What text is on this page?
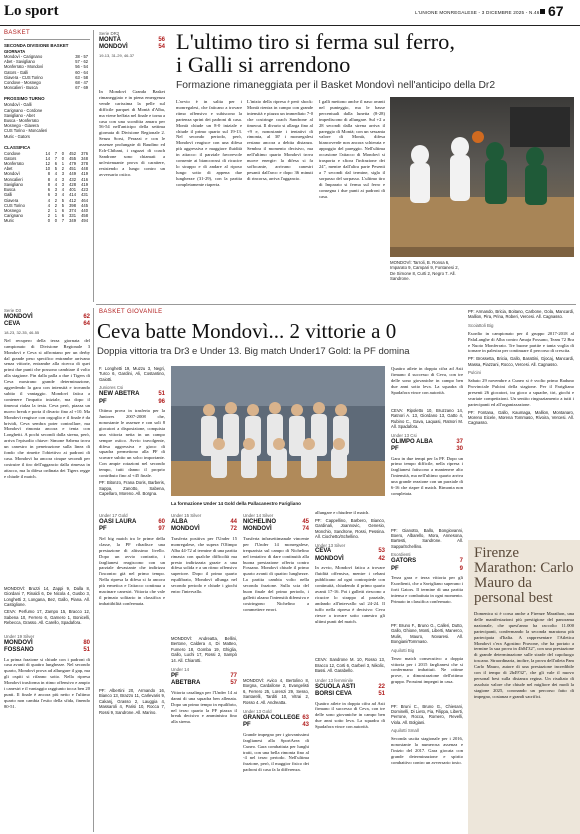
Lo sport	L'UNIONE MONREGALESE - 3 DICEMBRE 2025 - N.46 67
BASKET
SECONDA DIVISIONE BASKET
GIORNATA
Mondovì - Carignano	38 - 57
Abet - Savigliano	57 - 62
Monferrato - Mondovì	56 - 54
Gators - Galli	60 - 64
Giavera - CUS Torino	63 - 58
Condove - Mosnego	68 - 47
Moncalieri - Busca	67 - 69
PROSSIMO TURNO
Mondovì - Galli
Carignano - Cordone
Savigliano - Abet
Busca - Monferrato
Mosnego - Giavera
CUS Torino - Moncalieri
Muric - Gators
CLASSIFICA
Condove	14	7	0	452	376
Gators	14	7	0	455	348
Monferrato	12	6	1	479	378
Abet	10	5	2	451	448
Mondovì	8	4	3	449	419
Moncalieri	8	4	3	432	416
Savigliano	8	4	3	428	419
Busca	6	3	4	401	423
Galli	6	3	4	414	431
Giavera	4	2	5	412	464
CUS Torino	4	2	5	398	445
Mosnego	2	1	6	374	440
Carignano	2	1	6	331	458
Muric	0	0	7	349	494
Serie DR2
MONTÀ	56
MONDOVÌ	54
19-13, 31-29, 46-37
L'ultimo tiro si ferma sul ferro,
i Galli si arrendono
Formazione rimaneggiata per il Basket Mondovì nell'anticipo della Dr2
In Mondovì Granda Basket rimaneggiato e in piena emergenza vende carissima la pelle sul difficile parquet di Montà d'Alba, ma viene beffata nel finale e torna a casa con una sconfitta amara per 56-54 nell'anticipo della settima giornata di Divisione Regionale 2. Senza Sorsi, Perazzi e con le assenze prolungate di Baudino ed Ech-Chibani, i ragazzi di coach Sandrone sono chiamati a un'estenuante prova di carattere, resistendo a lungo contro un avversario ostico.
L'avvio è in salita per i monregalesi, che faticano a trovare ritmo offensivo e subiscono la partenza sprint dei padroni di casa. Montà chiude un 8-0 iniziale e chiude il primo quarto sul 19-13. Nel secondo periodo, però, Mondovì reagisce con una difesa più aggressiva e maggiore fluidità in attacco: il parziale favorevole consente ai biancorossi di ricucire lo strappo e di andare al riposo lungo sotto di appena due lunghezze (31-29), con la partita completamente riaperta.
L'inizio della ripresa è però shock: Montà rientra in campo con grande intensità e piazza un immediato 7-0 che costringe coach Sandrone al timeout. Il divario si allarga fino al +9 e, nonostante i tentativi di rimonta, al 30' i monregalesi restano ancora a debita distanza. Sembra il momento decisivo, ma nell'ultimo quarto Mondovì trova nuove energie: la difesa si fa soffocante, arrivano canestri pesanti dall'arco e dopo 36 minuti di rincorsa, arriva l'aggancio.
I galli mettono anche il naso avanti nel punteggio, ma le basse percentuali dalla lunetta (8-28) impediscono di allungare. Sul +2 a 28 secondi dalla sirena arriva il pareggio di Montà; con un sessanta valore di Montà, difesa biancoverde non ancora schierata e appoggio del pareggio. Nell'ultima occasione l'attacco di Mondovì si trasporta e sfiora l'infrazione dei 24", mentre dall'altra parte Pesenti a 7 secondi dal termine, sigla il sorpasso del sorpasso. L'ultimo tiro di Imparato si ferma sul ferro e consegna i due punti ai padroni di casa.
MONDOVÌ: Tarroli, B. Ronsa 6, Imparato 9, Campari 9, Fontanesi 2, De Simone 8, Curti 2, Negro 7. All. Sandrone.
BASKET GIOVANILE
Ceva batte Mondovì... 2 vittorie a 0
Doppia vittoria tra Dr3 e Under 13. Big match Under17 Gold: la PF domina
Serie D3
MONDOVÌ	62
CEVA	64
18-23, 32-35, 46-55
Nel recupero della terza giornata del campionato di Divisione Regionale 3 Mondovì e Ceva si affrontano per un derby dal grande peso specifico entrambe arrivano senza vittorie, entrambe alla ricerca di quei primi due punti che possono cambiare il volto alla stagione. Fin dalla palla a due i Tigers di Ceva mostrano grande determinazione, aggredendo la gara con intensità e trovando subito il vantaggio. Mondovì fatica a contenere l'impatto iniziale, ma dopo il timeout rialza la testa. Ceva però, piazza un nuovo break e porta il divario fino al +10. Ma Mondovì reagisce con orgoglio e il finale è da brividi, Ceva sembra poter controllare, ma Mondovì rimonta ancora e tenta con Longhetti. A pochi secondi dalla sirena, però, arriva l'episodio chiave: Simone Sabena trova un canestro in penetrazione sulla linea di fondo che rimette l'obiettivo ai padroni di casa. Mondovì ha ancora cinque secondi per costruire il tiro dell'aggancio dalla rimessa in attacco, ma la difesa ordinata dei Tigers regge e chiude il match.
MONDOVÌ: Bruzzi 14, Zappi 9, Dalla 8, Giordani 7, Rinaldi 6, De Nicola 4, Gusbo 3, Longhetti 2, Longana, Bez, Gallo, Piana. All. Castiglione.
CEVA: Perfumo 17, Zampo 15, Bracco 12, Sabena 10, Ferrero 6, Garnero 1, Bonicelli, Rebecca, Grasso. All. Carello, Spadafora.
Under 19 Silver
MONDOVÌ	80
FOSSANO	51
La prima frazione si chiude con i padroni di casa avanti di quattro lunghezze. Nel secondo quarto, Mondovì prova ad allungare il gap, ma gli ospiti si rifanno sotto. Nella ripresa Mondovì trasforma in ritmo offensivo e ampio i canestri e il vantaggio raggiunto tocca ben 20 punti. Il finale è ancora più netto e l'ultimo quarto non cambia l'esito della sfida, finendo 80-51.
F. Longhetti 19, Muzzu 3, Negri, Turco 6, Gardini, Ali, Costantino, Gaiotti.
Juniores Csi
NEW ABETRA	51
PF	96
Ottima prova in trasferta per la Juniores 2007-2008 che, nonostante le assenze e con soli 8 giocatori a disposizione, conquista una vittoria netta in un campo sempre ostico. Avvio travolgente, difesa aggressiva e gioco di squadra permettono alla PF di scavare subito un solco importante. Con ampie rotazioni nel secondo tempo, tutti danno il proprio contributo fino al +45 finale.
PF: Bitonzo, Frana Doris, Barberis, Sappa, Zanotto, Sabena, Capellaro, Moreno. All. Borgna.
La formazione Under 14 Gold della Pallacanestro Farigliano
Under 17 Gold
OASI LAURA	60
PF	97
Nel big match tra le prime della classe, la PF ribadisce una prestazione di altissimo livello. Dopo un avvio contratto, i farglianesi reagiscono con un parziale devastante che indirizza l'incontro già nel primo tempo. Nella ripresa la difesa si fa ancora più ermetica e l'attacco continua a macinare canestri. Vittoria che vale il primato solitario in classifica e imbattibilità confermata.
PF: Albertini 20, Armando 16, Bianco 13, Brazzo 11, Carlevaris 9, Cakanj, Grasso 2, Lauggia 4, Massaroli 4, Parisi 10, Rocca 7, Rossi 9, Sandrone. All. Marino.
Under 15 Silver
ALBA	44
MONDOVÌ	72
Trasferta positiva per l'Under 15 monregalese, che supera l'Olimpo Alba 44-72 al termine di una partita rimasta con qualche difficoltà ma presto indirizzata grazie a una difesa solida e a un ritmo offensivo superiore. Dopo il primo quarto equilibrato, Mondovì allunga nel secondo periodo e chiude i giochi entro l'intervallo.
MONDOVÌ: Andreatta, Bellini, Bertone, Caldera 4, Di Matteo, Fumero 18, Gomba 19, Ghiglia, Gallo, Luchi 17, Rossi 2, Sampò 14. All. Chiarotti.
Under 14
PF	77
ABETBRA	57
Vittoria casalinga per l'Under 14 ai danni di una squadra ben allenata. Dopo un primo tempo in equilibrio, nel terzo quarto la PF piazza il break decisivo e amministra fino alla sirena.
Under 14 Silver
NICHELINO	45
MONDOVÌ	74
Trasferta infrasettimanale vincente per l'Under 14 monregalese, trequarista sul campo di Nichelino nel tentativo di dare continuità alla buona prestazione offerta contro Fossano. Mondovì chiude il primo quarto avanti di quattro lunghezze. La partita cambia volto nella seconda frazione. Sulla scia del buon finale del primo periodo, i galletti alzano l'intensità difensiva e costringono Nichelino a commettere errori.
MONDOVÌ: Avico 4, Bertolino 8, Borgna, Cardallone 2, Evangelisti 6, Ferrero 25, Lorenzi 29, Sesso, Santarelli, Tarditi 10, Vitrai 2, Rosso 4. All. Andreatta.
Under 13 Gold
GRANDA COLLEGE 63
PF	43
Grande impegno per i giovanissimi farglianesi alla SportArea di Cuneo. Gara combattuta per lunghi tratti, con una bella rimonta fino al -4 nel terzo periodo. Nell'ultima frazione, però, il maggior fisico dei padroni di casa fa la differenza.
allungare e chiudere il match.
PF: Cappellino, Barbero, Bianco, Gardinali, Joannovic, Genesio, Monchio, Sandrone, Rossi, Pessina. All. Ciochetto/Schellino.
Under 13 Silver
CEVA	53
MONDOVÌ	42
In avvio, Mondovì fatica a trovare fluidità offensiva, mentre i cebani pubblicano ad ogni contropiede con continuità, chiudendo il primo quarto avanti 17-16. Poi i galletti riescono a ricucire lo strappo al parziale, andando all'intervallo sul 24-24. Il tuffo nella ripresa è decisivo: Ceva riesce a trovare sotto canestro gli ultimi punti del match.
CEVA: Sandrone M. 10, Rosso 13, Bracco 12, Corti 6, Garberi 3, Nikolic, Bassi. All. Garabello.
Under 13 femminile
SCUOLA ASTI	22
BORSI CEVA	51
Quattro atlete in doppia cifra ad Asti firmano il successo di Ceva, con tre delle sono giovaniche in campo ben due anni sotto leva. La squadra di Spadafora vince con autorità.
Quattro atlete in doppia cifra ad Asti firmano il successo di Ceva, con tre delle sono giovaniche in campo ben due anni sotto leva. La squadra di Spadafora vince con autorità.
CEVA: Ripoletto 10, Bruzzano 14, Ratnori A. 13, Giordano 13, Gatto 4, Rubino C., Gava, Laquasi, Ratnori M. All. Spadafora.
Under 13 Csi
OLIMPO ALBA	37
PF	30
Gara in due tempi per la PF. Dopo un primo tempo difficile, nella ripresa i farglianesi fatiscono a mantenere alto l'intensità, ma nell'ultimo quarto arriva una grande reazione con un parziale di 6-16 che riapre il match. Rimonta non completata.
PF: Gianotto, Ballo, Bongiovanni, Boero, Albarello, Mora, Annesona, Bartesti, Sandrone. All. Sappa/Schellino.
Esordienti
GATORS	7
PF	9
Terza gara e terza vittoria per gli Esordienti, che a Savigliano superano i forti Gators. Il termine di una partita intensa e combattuta in ogni momento. Primato in classifica confermato.
PF: Bruno F., Bruno G., Calleri, Dutto, Gallo, Ghione, Monti, Liberti, Manerco, Mulis, Mauro, Novaresi. All. Bongiani/Tommaso.
Aquilotti Big
Terzo match consecutivo a doppia vittoria per i 2015 farglianesi che si confermano imbattuti. Ne ottime prove, a dimostrazione dell'ottimo gruppo. Prossimi impegni in casa.
PF: Bruni C., Bruno G., Chiesani, Dominelli, Di Lieto, Fia, Filippa, Liberti, Perrone, Rocca, Romero, Revelli, Viola. All. Bolgiani.
Aquilotti Small
Seconda uscita stagionale per i 2016, nonostante la numerosa assenza e l'inizio del 2017. Gara giocata con grande determinazione e spirito combattivo contro un avversario tosto.
PF: Armando, Bricia, Boitano, Carbone, Gola, Mancardi, Mallion, Pira, Prina, Roberi, Vercesi. All. Cagnasso.
Scoiattoli Big
Esordio in campionato per il gruppo 2017-2018 al PalaLanghe di Alba contro Amaja Fossano, Team 72 Bra e Nuoto Monferrato. Tre buone partite e tanta voglia di tornare in palestra per continuare il percorso di crescita.
PF: Brossetta, Bricia, Gallo, Barattini, Gjocaj, Mancardi, Massa, Piazzani, Rocco, Vercesi. All. Cagnasso.
Pulcini
Sabato 29 novembre a Cuneo si è svolto primo Raduno Provinciale Pulcini della stagione. Per il Farigliano presenti 26 giocatori, tra gioco a squadre, tiri, giochi e svariate competizioni. Un sentito ringraziamento a tutti i partecipanti ed all'organizzazione.
PF: Fontana, Gallo, Kaumaga, Mallion, Montanaro, Moreno Eicele, Morena Tommaso, Rivoira, Vercesi. All. Cagnasso.
Firenze Marathon: Carlo Mauro da personal best
Domenica si è corsa anche a Firenze Marathon, una delle manifestazioni più prestigiose del panorama nazionale, che quest'anno ha raccolto 11.000 partecipanti, confermando la seconda maratona più partecipata d'Italia. A rappresentare l'Atletica Mondovì c'era Agostino Pravone, che ha portato a termine la sua prova in 4h04'32", con una prestazione di grande determinazione sulle strade del capoluogo toscano. Straordinaria, inoltre, la prova dell'atleta Pam Carlo Mauro, autore di una prestazione incredibile con il tempo di 2h49'32", che gli vale il nuovo personal best sulla distanza regina. Un risultato di assoluto valore che chiude nel migliore dei modi la stagione 2025, coronando un percorso fatto di impegno, costanza e grandi sacrifici.
